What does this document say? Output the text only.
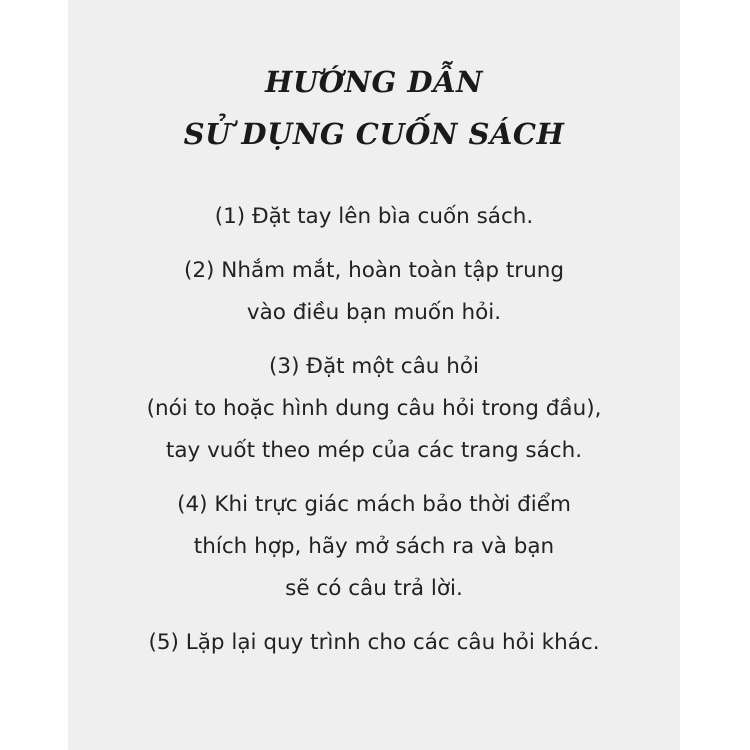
HƯỚNG DẪN
SỬ DỤNG CUỐN SÁCH
(1) Đặt tay lên bìa cuốn sách.
(2) Nhắm mắt, hoàn toàn tập trung
vào điều bạn muốn hỏi.
(3) Đặt một câu hỏi
(nói to hoặc hình dung câu hỏi trong đầu),
tay vuốt theo mép của các trang sách.
(4) Khi trực giác mách bảo thời điểm
thích hợp, hãy mở sách ra và bạn
sẽ có câu trả lời.
(5) Lặp lại quy trình cho các câu hỏi khác.
